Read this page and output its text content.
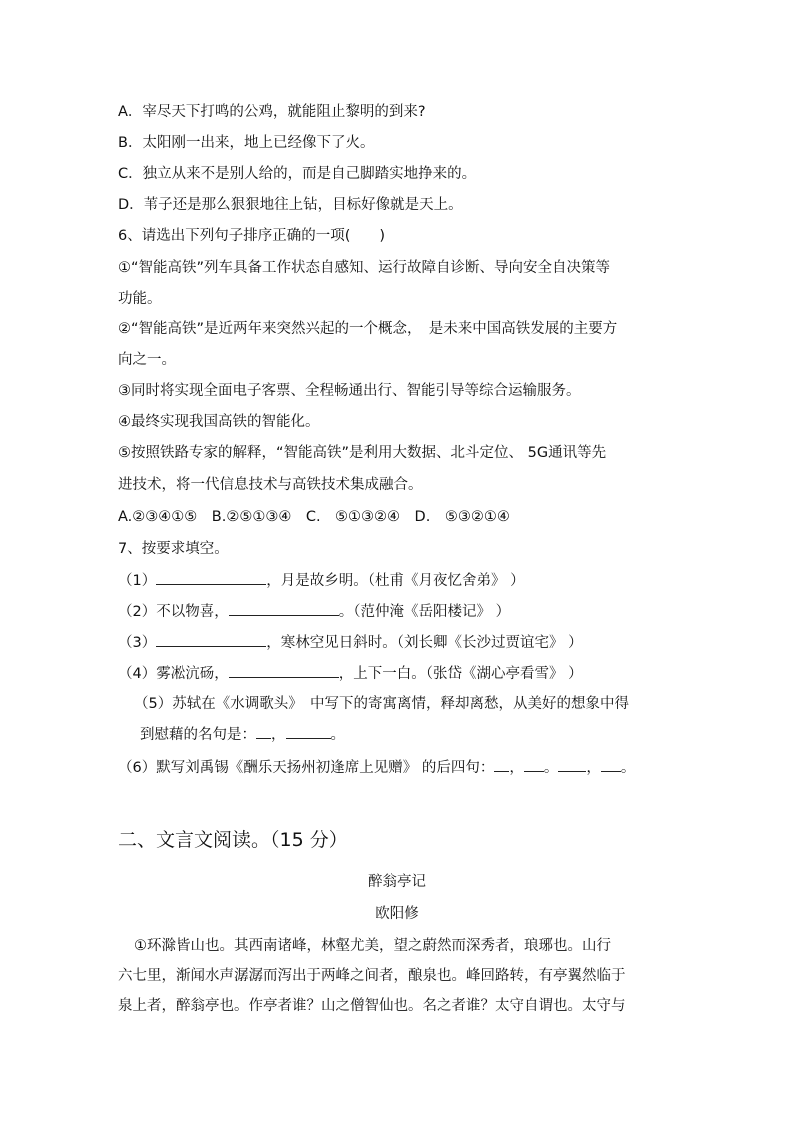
A．宰尽天下打鸣的公鸡，就能阻止黎明的到来?
B．太阳刚一出来，地上已经像下了火。
C．独立从来不是别人给的，而是自己脚踏实地挣来的。
D．苇子还是那么狠狠地往上钻，目标好像就是天上。
6、请选出下列句子排序正确的一项(　　)
①“智能高铁”列车具备工作状态自感知、运行故障自诊断、导向安全自决策等
功能。
②“智能高铁”是近两年来突然兴起的一个概念，　是未来中国高铁发展的主要方
向之一。
③同时将实现全面电子客票、全程畅通出行、智能引导等综合运输服务。
④最终实现我国高铁的智能化。
⑤按照铁路专家的解释，“智能高铁”是利用大数据、北斗定位、 5G通讯等先
进技术，将一代信息技术与高铁技术集成融合。
A.②③④①⑤　B.②⑤①③④　C.　⑤①③②④　D.　⑤③②①④
7、按要求填空。
（1）	，月是故乡明。（杜甫《月夜忆舍弟》 ）
（2）不以物喜，	。（范仲淹《岳阳楼记》 ）
（3）	，寒林空见日斜时。（刘长卿《长沙过贾谊宅》 ）
（4）雾凇沆砀，	，上下一白。（张岱《湖心亭看雪》 ）
（5）苏轼在《水调歌头》　中写下的寄寓离情，释却离愁，从美好的想象中得
到慰藉的名句是： ，	。
（6）默写刘禹锡《酬乐天扬州初逢席上见赠》 的后四句： ， 。 ， 。
二、文言文阅读。（15 分）
醉翁亭记
欧阳修
①环滁皆山也。其西南诸峰，林壑尤美，望之蔚然而深秀者，琅琊也。山行
六七里，渐闻水声潺潺而泻出于两峰之间者，酿泉也。峰回路转，有亭翼然临于
泉上者，醉翁亭也。作亭者谁？山之僧智仙也。名之者谁？太守自谓也。太守与
